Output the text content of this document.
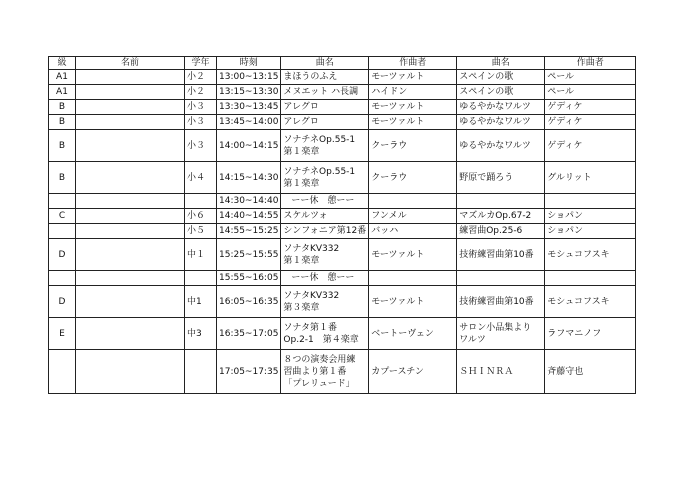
級	名前	学年	時刻	曲名	作曲者	曲名	作曲者
A1		小２	13:00~13:15	まほうのふえ	モーツァルト	スペインの歌	ペール
A1		小２	13:15~13:30	メヌエット ハ長調	ハイドン	スペインの歌	ペール
B		小３	13:30~13:45	アレグロ	モーツァルト	ゆるやかなワルツ	ゲディケ
B		小３	13:45~14:00	アレグロ	モーツァルト	ゆるやかなワルツ	ゲディケ
B		小３	14:00~14:15	ソナチネOp.55-1
第１楽章	クーラウ	ゆるやかなワルツ	ゲディケ
B		小４	14:15~14:30	ソナチネOp.55-1
第１楽章	クーラウ	野原で踊ろう	グルリット
			14:30~14:40	ーー休　憩ーー			
C		小６	14:40~14:55	スケルツォ	フンメル	マズルカOp.67-2	ショパン
		小５	14:55~15:25	シンフォニア第12番	バッハ	練習曲Op.25-6	ショパン
D		中１	15:25~15:55	ソナタKV332
第１楽章	モーツァルト	技術練習曲第10番	モシュコフスキ
			15:55~16:05	ーー休　憩ーー			
D		中1	16:05~16:35	ソナタKV332
第３楽章	モーツァルト	技術練習曲第10番	モシュコフスキ
E		中3	16:35~17:05	ソナタ第１番
Op.2-1　第４楽章	ベートーヴェン	サロン小品集より
ワルツ	ラフマニノフ
			17:05~17:35	８つの演奏会用練
習曲より第１番
「プレリュード」	カプースチン	ＳＨＩＮＲＡ	斉藤守也
